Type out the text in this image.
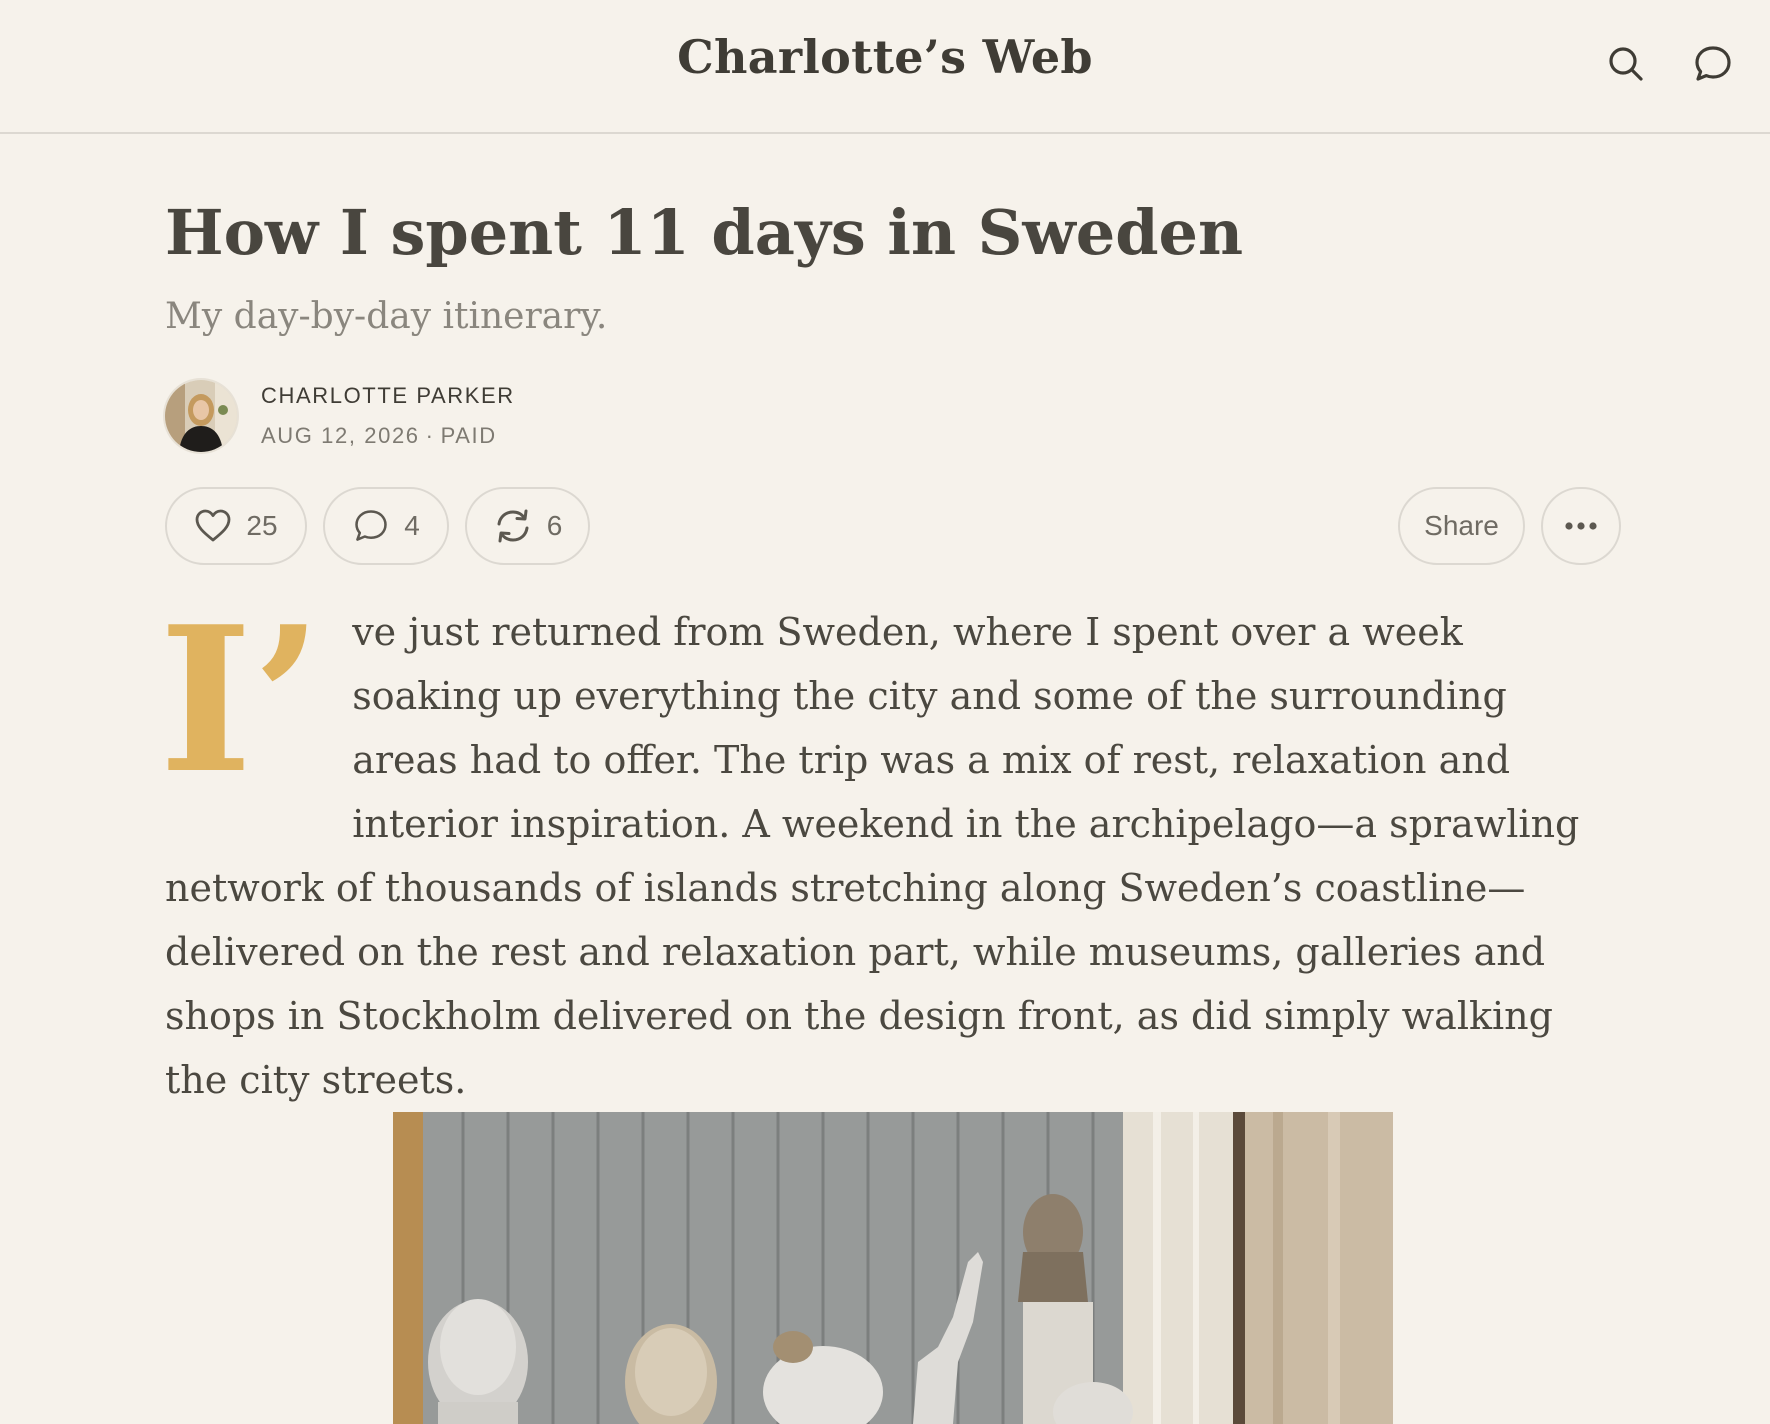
Charlotte’s Web
How I spent 11 days in Sweden
My day-by-day itinerary.
CHARLOTTE PARKER
AUG 12, 2026 · PAID
25	4	6	Share

I’ ve just returned from Sweden, where I spent over a week soaking up everything the city and some of the surrounding areas had to offer. The trip was a mix of rest, relaxation and interior inspiration. A weekend in the archipelago—a sprawling network of thousands of islands stretching along Sweden’s coastline—delivered on the rest and relaxation part, while museums, galleries and shops in Stockholm delivered on the design front, as did simply walking the city streets.
